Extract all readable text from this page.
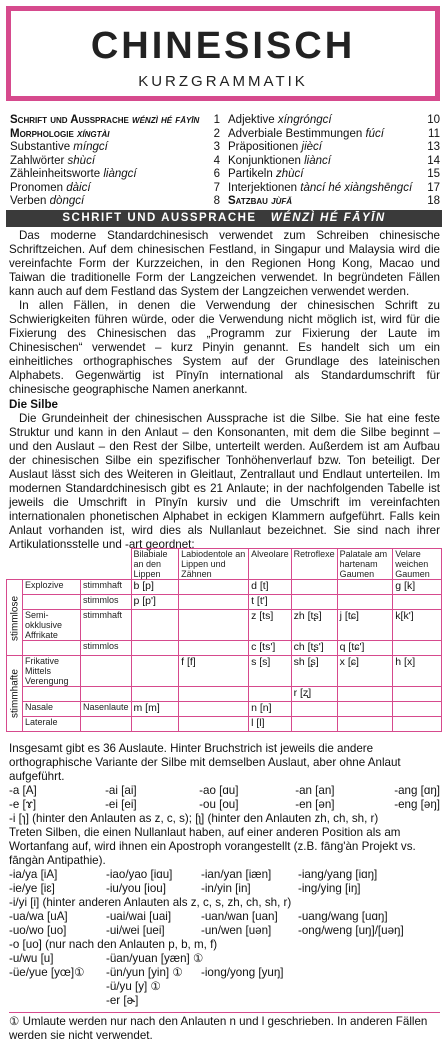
CHINESISCH
KURZGRAMMATIK
Schrift und Aussprache wénzì hé fāyīn 1
Morphologie xíngtài	2
Substantive míngcí	3
Zahlwörter shùcí	4
Zähleinheitsworte liàngcí	6
Pronomen dàicí	7
Verben dòngcí	8
Adjektive xíngróngcí	10
Adverbiale Bestimmungen fúcí	11
Präpositionen jiècí	13
Konjunktionen liàncí	14
Partikeln zhùcí	15
Interjektionen tàncí hé xiàngshēngcí 17
Satzbau jùfǎ	18
SCHRIFT UND AUSSPRACHE WÉNZÌ HÉ FĀYĪN

Das moderne Standardchinesisch verwendet zum Schreiben chinesische Schriftzeichen. Auf dem chinesischen Festland, in Singapur und Malaysia wird die vereinfachte Form der Kurzzeichen, in den Regionen Hong Kong, Macao und Taiwan die traditionelle Form der Langzeichen verwendet. In begründeten Fällen kann auch auf dem Festland das System der Langzeichen verwendet werden.

In allen Fällen, in denen die Verwendung der chinesischen Schrift zu Schwierigkeiten führen würde, oder die Verwendung nicht möglich ist, wird für die Fixierung des Chinesischen das „Programm zur Fixierung der Laute im Chinesischen“ verwendet – kurz Pinyin genannt. Es handelt sich um ein einheitliches orthographisches System auf der Grundlage des lateinischen Alphabets. Gegenwärtig ist Pīnyīn international als Standardumschrift für chinesische geographische Namen anerkannt.

Die Silbe

Die Grundeinheit der chinesischen Aussprache ist die Silbe. Sie hat eine feste Struktur und kann in den Anlaut – den Konsonanten, mit dem die Silbe beginnt – und den Auslaut – den Rest der Silbe, unterteilt werden. Außerdem ist am Aufbau der chinesischen Silbe ein spezifischer Tonhöhenverlauf bzw. Ton beteiligt. Der Auslaut lässt sich des Weiteren in Gleitlaut, Zentrallaut und Endlaut unterteilen. Im modernen Standardchinesisch gibt es 21 Anlaute; in der nachfolgenden Tabelle ist jeweils die Umschrift in Pīnyīn kursiv und die Umschrift im vereinfachten internationalen phonetischen Alphabet in eckigen Klammern aufgeführt. Falls kein Anlaut vorhanden ist, wird dies als Nullanlaut bezeichnet. Sie sind nach ihrer Artikulationsstelle und -art geordnet:

			Bilabiale an den Lippen	Labiodentole an Lippen und Zähnen	Alveolare	Retroflexe	Palatale am hartenam Gaumen	Velare weichen Gaumen
stimmlose	Explozive	stimmhaft	b [p]		d [t]			g [k]
		stimmlos	p [p']		t [t']			
	Semi-okklusive Affrikate	stimmhaft			z [ts]	zh [tʂ]	j [tɕ]	k[k']
		stimmlos			c [ts']	ch [tʂ']	q [tɕ']	
stimmhafte	Frikative Mittels Verengung			f [f]	s [s]	sh [ʂ]	x [ɕ]	h [x]
						r [ʐ]		
	Nasale	Nasenlaute	m [m]		n [n]			
	Laterale				l [l]			

Insgesamt gibt es 36 Auslaute. Hinter Bruchstrich ist jeweils die andere orthographische Variante der Silbe mit demselben Auslaut, aber ohne Anlaut aufgeführt.

-a [A]	-ai [ai]	-ao [ɑu]	-an [an]	-ang [ɑŋ]
-e [ɤ]	-ei [ei]	-ou [ou]	-en [ən]	-eng [əŋ]
-i [ɿ] (hinter den Anlauten as z, c, s); [ʅ] (hinter den Anlauten zh, ch, sh, r)
Treten Silben, die einen Nullanlaut haben, auf einer anderen Position als am Wortanfang auf, wird ihnen ein Apostroph vorangestellt (z.B. fāng'àn Projekt vs. fāngàn Antipathie).
-ia/ya [iA]	-iao/yao [iɑu]	-ian/yan [iæn]	-iang/yang [iɑŋ]
-ie/ye [iɛ]	-iu/you [iou]	-in/yin [in]	-ing/ying [iŋ]
-i/yi [i] (hinter anderen Anlauten als z, c, s, zh, ch, sh, r)
-ua/wa [uA]	-uai/wai [uai]	-uan/wan [uan]	-uang/wang [uɑŋ]
-uo/wo [uo]	-ui/wei [uei]	-un/wen [uən]	-ong/weng [uŋ]/[uəŋ]
-o [uo] (nur nach den Anlauten p, b, m, f)
-u/wu [u]	-üan/yuan [yæn] ①
-üe/yue [yœ]①	-ün/yun [yin] ①	-iong/yong [yuŋ]
-ü/yu [y] ①
-er [ɚ]

① Umlaute werden nur nach den Anlauten n und l geschrieben. In anderen Fällen werden sie nicht verwendet.
